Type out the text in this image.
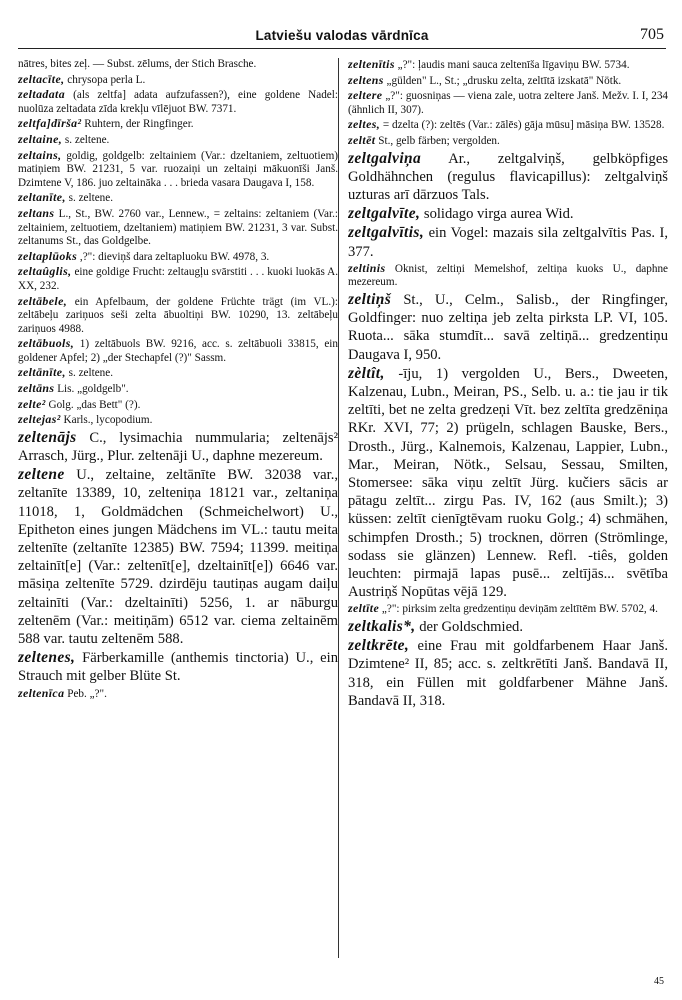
Latviešu valodas vārdnīca	705

nātres, bites zeļ. — Subst. zēlums, der Stich Brasche.

zeltacīte, chrysopa perla L.

zeltadata (als zeltfa] adata aufzufassen?), eine goldene Nadel: nuolūza zeltadata zīda krekļu vīlējuot BW. 7371.

zeltfa]dīrša² Ruhtern, der Ringfinger.

zeltaine, s. zeltene.

zeltains, goldig, goldgelb: zeltainiem (Var.: dzeltaniem, zeltuotiem) matiņiem BW. 21231, 5 var. ruozaiņi un zeltaiņi mākuonīši Janš. Dzimtene V, 186. juo zeltaināka . . . brieda vasara Daugava I, 158.

zeltanīte, s. zeltene.

zeltans L., St., BW. 2760 var., Lennew., = zeltains: zeltaniem (Var.: zeltainiem, zeltuotiem, dzeltaniem) matiņiem BW. 21231, 3 var. Subst. zeltanums St., das Goldgelbe.

zeltaplūoks ,?": dieviņš dara zeltapluoku BW. 4978, 3.

zeltaûglis, eine goldige Frucht: zeltaugļu svārstiti . . . kuoki luokās A. XX, 232.

zeltābele, ein Apfelbaum, der goldene Früchte trägt (im VL.): zeltābeļu zariņuos seši zelta ābuoltiņi BW. 10290, 13. zeltābeļu zariņuos 4988.

zeltābuols, 1) zeltābuols BW. 9216, acc. s. zeltābuoli 33815, ein goldener Apfel; 2) „der Stechapfel (?)" Sassm.

zeltānīte, s. zeltene.

zeltāns Lis. „goldgelb".

zelte² Golg. „das Bett" (?).

zeltejas² Karls., lycopodium.

zeltenājs C., lysimachia nummularia; zeltenājs² Arrasch, Jürg., Plur. zeltenāji U., daphne mezereum.

zeltene U., zeltaine, zeltānīte BW. 32038 var., zeltanīte 13389, 10, zelteniņa 18121 var., zeltaniņa 11018, 1, Goldmädchen (Schmeichelwort) U., Epitheton eines jungen Mädchens im VL.: tautu meita zeltenīte (zeltanīte 12385) BW. 7594; 11399. meitiņa zeltainīt[e] (Var.: zeltenīt[e], dzeltainīt[e]) 6646 var. māsiņa zeltenīte 5729. dzirdēju tautiņas augam daiļu zeltainīti (Var.: dzeltainīti) 5256, 1. ar nāburgu zeltenēm (Var.: meitiņām) 6512 var. ciema zeltainēm 588 var. tautu zeltenēm 588.

zeltenes, Färberkamille (anthemis tinctoria) U., ein Strauch mit gelber Blüte St.

zeltenīca Peb. „?".

zeltenītis „?": ļaudis mani sauca zeltenīša līgaviņu BW. 5734.

zeltens „gülden" L., St.; „drusku zelta, zeltītā izskatā" Nötk.

zeltere „?": guosniņas — viena zale, uotra zeltere Janš. Mežv. I. I, 234 (ähnlich II, 307).

zeltes, = dzelta (?): zeltēs (Var.: zālēs) gāja mūsu] māsiņa BW. 13528.

zeltēt St., gelb färben; vergolden.

zeltgalviņa Ar., zeltgalviņš, gelbköpfiges Goldhähnchen (regulus flavicapillus): zeltgalviņš uzturas arī dārzuos Tals.

zeltgalvīte, solidago virga aurea Wid.

zeltgalvītis, ein Vogel: mazais sila zeltgalvītis Pas. I, 377.

zeltinis Oknist, zeltiņi Memelshof, zeltiņa kuoks U., daphne mezereum.

zeltiņš St., U., Celm., Salisb., der Ringfinger, Goldfinger: nuo zeltiņa jeb zelta pirksta LP. VI, 105. Ruota... sāka stumdīt... savā zeltiņā... gredzentiņu Daugava I, 950.

zèltît, -īju, 1) vergolden U., Bers., Dweeten, Kalzenau, Lubn., Meiran, PS., Selb. u. a.: tie jau ir tik zeltīti, bet ne zelta gredzeņi Vīt. bez zeltīta gredzēniņa RKr. XVI, 77; 2) prügeln, schlagen Bauske, Bers., Drosth., Jürg., Kalnemois, Kalzenau, Lappier, Lubn., Mar., Meiran, Nötk., Selsau, Sessau, Smilten, Stomersee: sāka viņu zeltīt Jürg. kučiers sācis ar pātagu zeltīt... zirgu Pas. IV, 162 (aus Smilt.); 3) küssen: zeltīt cienīgtēvam ruoku Golg.; 4) schmähen, schimpfen Drosth.; 5) trocknen, dörren (Strömlinge, sodass sie glänzen) Lennew. Refl. -tiês, golden leuchten: pirmajā lapas pusē... zeltījās... svētība Austriņš Nopūtas vējā 129.

zeltīte „?": pirksim zelta gredzentiņu deviņām zeltītēm BW. 5702, 4.

zeltkalis*, der Goldschmied.

zeltkrēte, eine Frau mit goldfarbenem Haar Janš. Dzimtene² II, 85; acc. s. zeltkrētīti Janš. Bandavā II, 318, ein Füllen mit goldfarbener Mähne Janš. Bandavā II, 318.

45
